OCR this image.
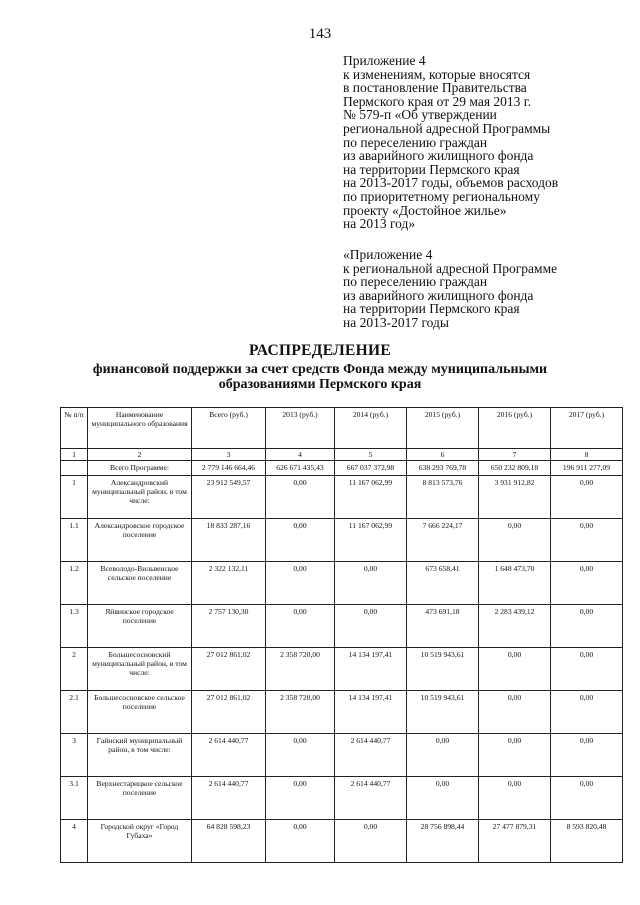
143
Приложение 4
к изменениям, которые вносятся
в постановление Правительства
Пермского края от 29 мая 2013 г.
№ 579-п «Об утверждении
региональной адресной Программы
по переселению граждан
из аварийного жилищного фонда
на территории Пермского края
на 2013-2017 годы, объемов расходов
по приоритетному региональному
проекту «Достойное жилье»
на 2013 год»
«Приложение 4
к региональной адресной Программе
по переселению граждан
из аварийного жилищного фонда
на территории Пермского края
на 2013-2017 годы
РАСПРЕДЕЛЕНИЕ
финансовой поддержки за счет средств Фонда между муниципальными
образованиями Пермского края
№ п/п	Наименование муниципального образования	Всего (руб.)	2013 (руб.)	2014 (руб.)	2015 (руб.)	2016 (руб.)	2017 (руб.)
1	2	3	4	5	6	7	8
	Всего Программе:	2 779 146 664,46	626 671 435,43	667 037 372,98	638 293 769,78	650 232 809,18	196 911 277,09
1	Александровский муниципальный район, в том числе:	23 912 549,57	0,00	11 167 062,99	8 813 573,76	3 931 912,82	0,00
1.1	Александровское городское поселение	18 833 287,16	0,00	11 167 062,99	7 666 224,17	0,00	0,00
1.2	Всеволодо-Вильвенское сельское поселение	2 322 132,11	0,00	0,00	673 658,41	1 648 473,70	0,00
1.3	Яйвинское городское поселение	2 757 130,30	0,00	0,00	473 691,18	2 283 439,12	0,00
2	Большесосновский муниципальный район, в том числе:	27 012 861,02	2 358 720,00	14 134 197,41	10 519 943,61	0,00	0,00
2.1	Большесосновское сельское поселение	27 012 861,02	2 358 720,00	14 134 197,41	10 519 943,61	0,00	0,00
3	Гайнский муниципальный район, в том числе:	2 614 440,77	0,00	2 614 440,77	0,00	0,00	0,00
3.1	Верхнестарицкое сельское поселение	2 614 440,77	0,00	2 614 440,77	0,00	0,00	0,00
4	Городской округ «Город Губаха»	64 828 598,23	0,00	0,00	28 756 898,44	27 477 879,31	8 593 820,48
